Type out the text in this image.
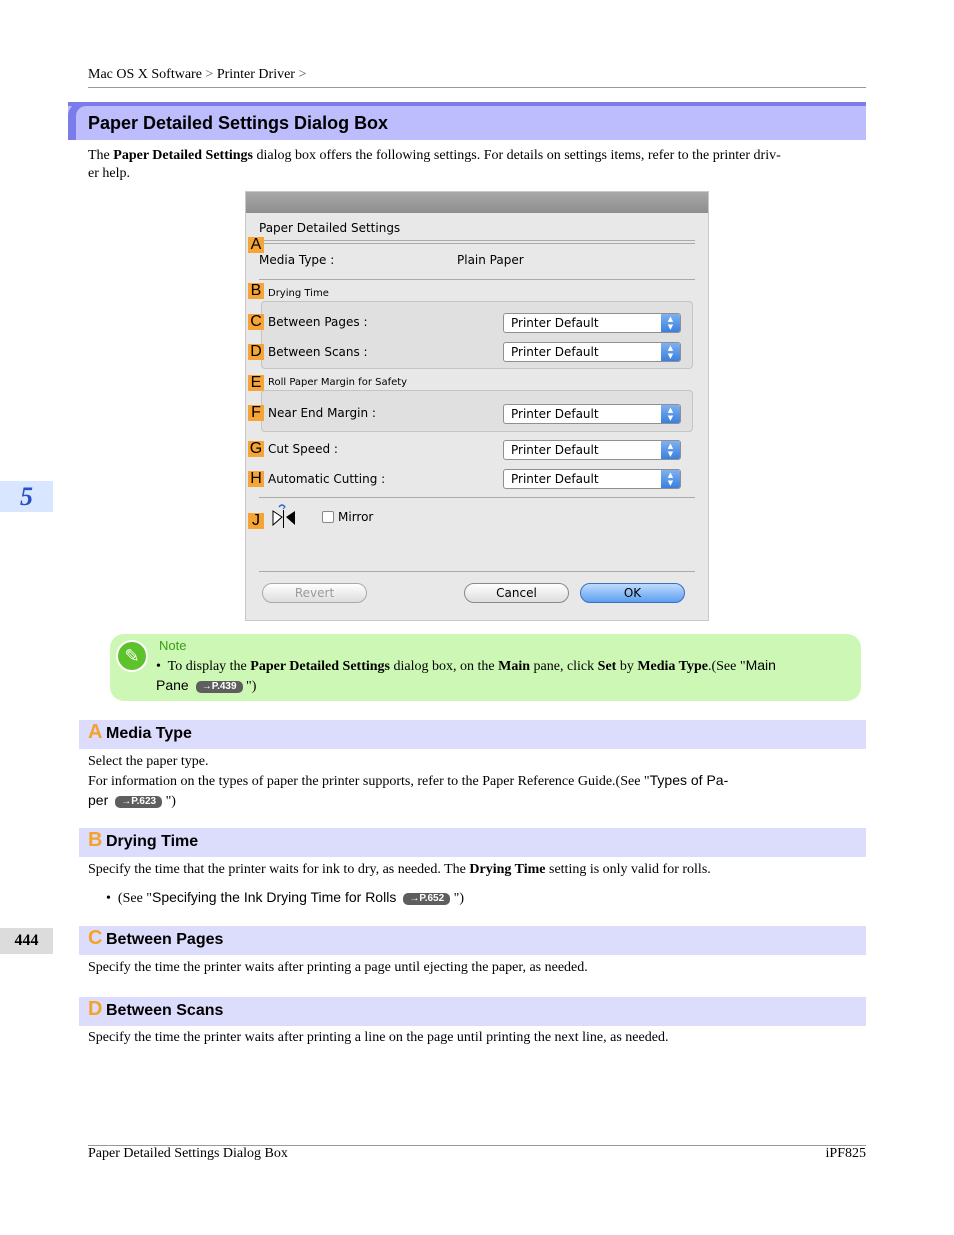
Mac OS X Software > Printer Driver >
Paper Detailed Settings Dialog Box
The Paper Detailed Settings dialog box offers the following settings. For details on settings items, refer to the printer driv-
er help.
Paper Detailed Settings
A
Media Type :	Plain Paper
B Drying Time
C Between Pages :	Printer Default	▲
▼
D Between Scans :	Printer Default	▲
▼
E Roll Paper Margin for Safety
F Near End Margin :	Printer Default	▲
▼
G Cut Speed :	Printer Default	▲
▼
H Automatic Cutting :	Printer Default	▲
▼
J	Mirror
Revert	Cancel	OK
✎
Note
• To display the Paper Detailed Settings dialog box, on the Main pane, click Set by Media Type.(See "Main
Pane →P.439 ")
A Media Type
Select the paper type.
For information on the types of paper the printer supports, refer to the Paper Reference Guide.(See "Types of Pa-
per →P.623 ")
B Drying Time
Specify the time that the printer waits for ink to dry, as needed. The Drying Time setting is only valid for rolls.
• (See "Specifying the Ink Drying Time for Rolls →P.652 ")
C Between Pages
Specify the time the printer waits after printing a page until ejecting the paper, as needed.
D Between Scans
Specify the time the printer waits after printing a line on the page until printing the next line, as needed.
5
444
Paper Detailed Settings Dialog Box	iPF825
